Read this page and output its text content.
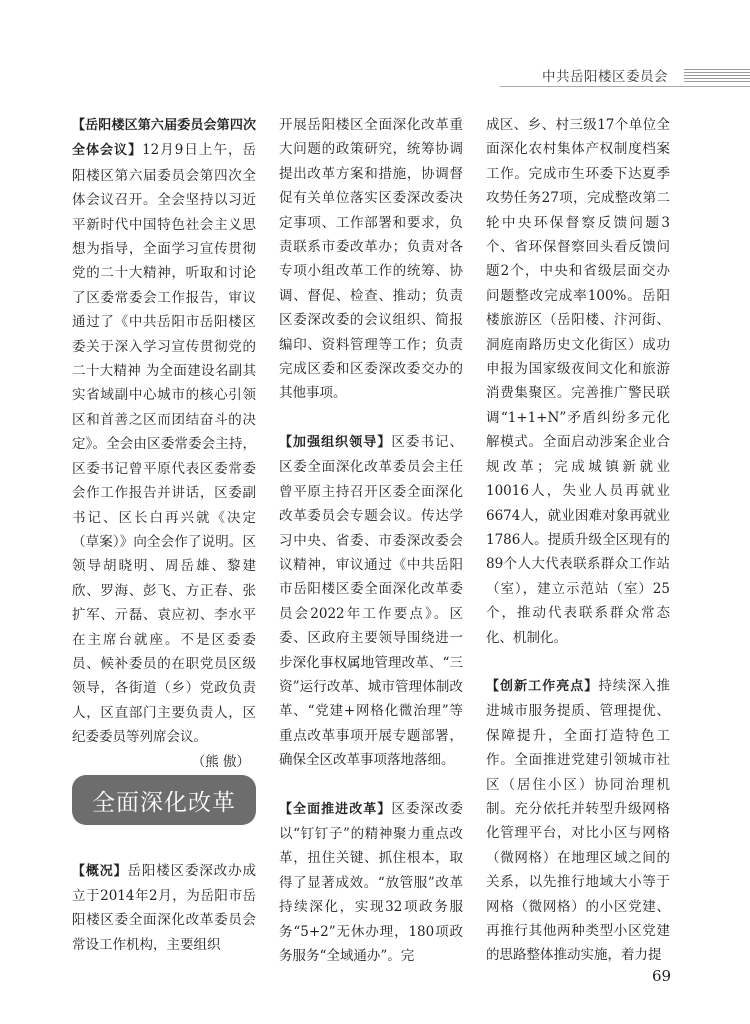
中共岳阳楼区委员会

【岳阳楼区第六届委员会第四次全体会议】12月9日上午，岳阳楼区第六届委员会第四次全体会议召开。全会坚持以习近平新时代中国特色社会主义思想为指导，全面学习宣传贯彻党的二十大精神，听取和讨论了区委常委会工作报告，审议通过了《中共岳阳市岳阳楼区委关于深入学习宣传贯彻党的二十大精神 为全面建设名副其实省域副中心城市的核心引领区和首善之区而团结奋斗的决定》。全会由区委常委会主持，区委书记曾平原代表区委常委会作工作报告并讲话，区委副书记、区长白再兴就《决定（草案）》向全会作了说明。区领导胡晓明、周岳雄、黎建欣、罗海、彭飞、方正春、张扩军、亓磊、袁应初、李水平在主席台就座。不是区委委员、候补委员的在职党员区级领导，各街道（乡）党政负责人，区直部门主要负责人，区纪委委员等列席会议。

（熊 傲）

全面深化改革

【概况】岳阳楼区委深改办成立于2014年2月，为岳阳市岳阳楼区委全面深化改革委员会常设工作机构，主要组织

开展岳阳楼区全面深化改革重大问题的政策研究，统筹协调提出改革方案和措施，协调督促有关单位落实区委深改委决定事项、工作部署和要求，负责联系市委改革办；负责对各专项小组改革工作的统筹、协调、督促、检查、推动；负责区委深改委的会议组织、简报编印、资料管理等工作；负责完成区委和区委深改委交办的其他事项。

【加强组织领导】区委书记、区委全面深化改革委员会主任曾平原主持召开区委全面深化改革委员会专题会议。传达学习中央、省委、市委深改委会议精神，审议通过《中共岳阳市岳阳楼区委全面深化改革委员会2022年工作要点》。区委、区政府主要领导围绕进一步深化事权属地管理改革、“三资”运行改革、城市管理体制改革、“党建+网格化微治理”等重点改革事项开展专题部署，确保全区改革事项落地落细。

【全面推进改革】区委深改委以“钉钉子”的精神聚力重点改革，扭住关键、抓住根本，取得了显著成效。“放管服”改革持续深化，实现32项政务服务“5+2”无休办理，180项政务服务“全域通办”。完

成区、乡、村三级17个单位全面深化农村集体产权制度档案工作。完成市生环委下达夏季攻势任务27项，完成整改第二轮中央环保督察反馈问题3个、省环保督察回头看反馈问题2个，中央和省级层面交办问题整改完成率100%。岳阳楼旅游区（岳阳楼、汴河街、洞庭南路历史文化街区）成功申报为国家级夜间文化和旅游消费集聚区。完善推广警民联调“1+1+N”矛盾纠纷多元化解模式。全面启动涉案企业合规改革；完成城镇新就业10016人，失业人员再就业6674人，就业困难对象再就业1786人。提质升级全区现有的89个人大代表联系群众工作站（室），建立示范站（室）25个，推动代表联系群众常态化、机制化。

【创新工作亮点】持续深入推进城市服务提质、管理提优、保障提升，全面打造特色工作。全面推进党建引领城市社区（居住小区）协同治理机制。充分依托并转型升级网格化管理平台，对比小区与网格（微网格）在地理区域之间的关系，以先推行地域大小等于网格（微网格）的小区党建、再推行其他两种类型小区党建的思路整体推动实施，着力提

69
